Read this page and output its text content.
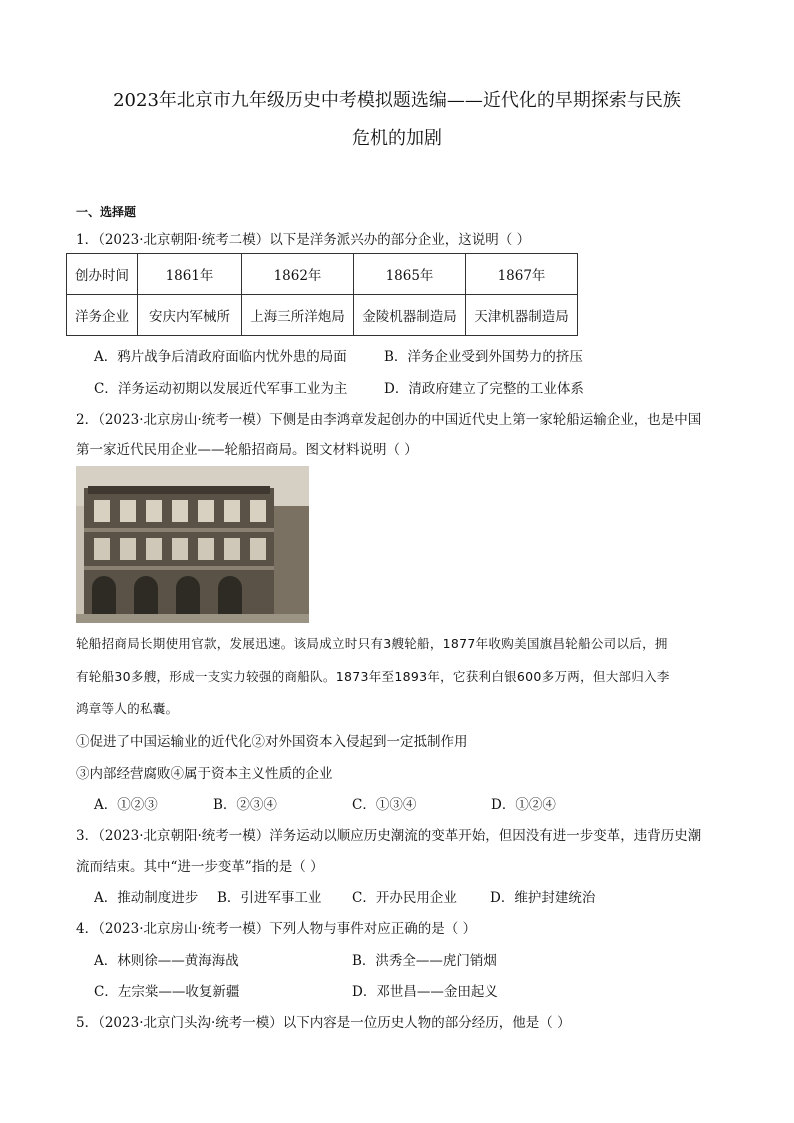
2023年北京市九年级历史中考模拟题选编——近代化的早期探索与民族
危机的加剧
一、选择题
1．（2023·北京朝阳·统考二模）以下是洋务派兴办的部分企业，这说明（ ）
创办时间	1861年	1862年	1865年	1867年
洋务企业	安庆内军械所	上海三所洋炮局	金陵机器制造局	天津机器制造局
A．鸦片战争后清政府面临内忧外患的局面	B．洋务企业受到外国势力的挤压
C．洋务运动初期以发展近代军事工业为主	D．清政府建立了完整的工业体系
2．（2023·北京房山·统考一模）下侧是由李鸿章发起创办的中国近代史上第一家轮船运输企业，也是中国
第一家近代民用企业——轮船招商局。图文材料说明（ ）
轮船招商局长期使用官款，发展迅速。该局成立时只有3艘轮船，1877年收购美国旗昌轮船公司以后，拥
有轮船30多艘，形成一支实力较强的商船队。1873年至1893年，它获利白银600多万两，但大部归入李
鸿章等人的私囊。
①促进了中国运输业的近代化②对外国资本入侵起到一定抵制作用
③内部经营腐败④属于资本主义性质的企业
A．①②③	B．②③④	C．①③④	D．①②④
3．（2023·北京朝阳·统考一模）洋务运动以顺应历史潮流的变革开始，但因没有进一步变革，违背历史潮
流而结束。其中“进一步变革”指的是（ ）
A．推动制度进步 B．引进军事工业 C．开办民用企业 D．维护封建统治
4．（2023·北京房山·统考一模）下列人物与事件对应正确的是（ ）
A．林则徐——黄海海战	B．洪秀全——虎门销烟
C．左宗棠——收复新疆	D．邓世昌——金田起义
5．（2023·北京门头沟·统考一模）以下内容是一位历史人物的部分经历，他是（ ）
